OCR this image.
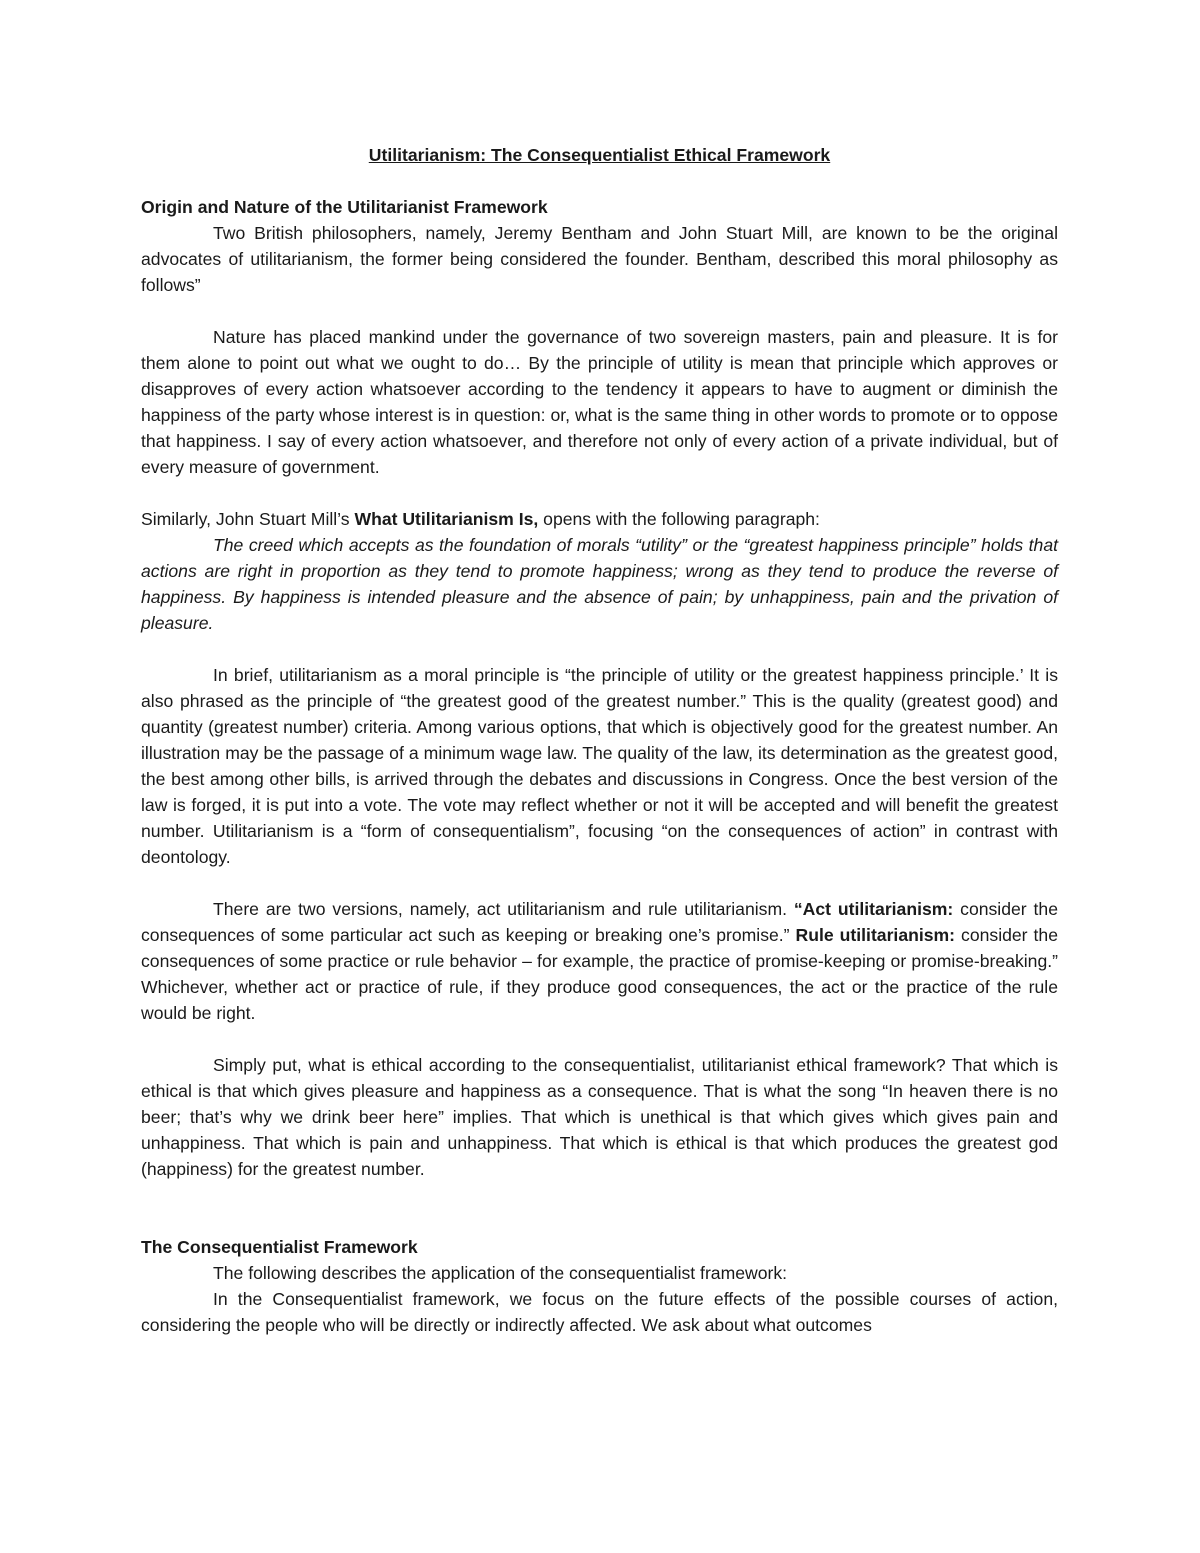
Utilitarianism: The Consequentialist Ethical Framework
Origin and Nature of the Utilitarianist Framework

Two British philosophers, namely, Jeremy Bentham and John Stuart Mill, are known to be the original advocates of utilitarianism, the former being considered the founder. Bentham, described this moral philosophy as follows”

Nature has placed mankind under the governance of two sovereign masters, pain and pleasure. It is for them alone to point out what we ought to do… By the principle of utility is mean that principle which approves or disapproves of every action whatsoever according to the tendency it appears to have to augment or diminish the happiness of the party whose interest is in question: or, what is the same thing in other words to promote or to oppose that happiness. I say of every action whatsoever, and therefore not only of every action of a private individual, but of every measure of government.

Similarly, John Stuart Mill’s What Utilitarianism Is, opens with the following paragraph:

The creed which accepts as the foundation of morals “utility” or the “greatest happiness principle” holds that actions are right in proportion as they tend to promote happiness; wrong as they tend to produce the reverse of happiness. By happiness is intended pleasure and the absence of pain; by unhappiness, pain and the privation of pleasure.

In brief, utilitarianism as a moral principle is “the principle of utility or the greatest happiness principle.’ It is also phrased as the principle of “the greatest good of the greatest number.” This is the quality (greatest good) and quantity (greatest number) criteria. Among various options, that which is objectively good for the greatest number. An illustration may be the passage of a minimum wage law. The quality of the law, its determination as the greatest good, the best among other bills, is arrived through the debates and discussions in Congress. Once the best version of the law is forged, it is put into a vote. The vote may reflect whether or not it will be accepted and will benefit the greatest number. Utilitarianism is a “form of consequentialism”, focusing “on the consequences of action” in contrast with deontology.

There are two versions, namely, act utilitarianism and rule utilitarianism. “Act utilitarianism: consider the consequences of some particular act such as keeping or breaking one’s promise.” Rule utilitarianism: consider the consequences of some practice or rule behavior – for example, the practice of promise-keeping or promise-breaking.” Whichever, whether act or practice of rule, if they produce good consequences, the act or the practice of the rule would be right.

Simply put, what is ethical according to the consequentialist, utilitarianist ethical framework? That which is ethical is that which gives pleasure and happiness as a consequence. That is what the song “In heaven there is no beer; that’s why we drink beer here” implies. That which is unethical is that which gives which gives pain and unhappiness. That which is pain and unhappiness. That which is ethical is that which produces the greatest god (happiness) for the greatest number.

The Consequentialist Framework

The following describes the application of the consequentialist framework:

In the Consequentialist framework, we focus on the future effects of the possible courses of action, considering the people who will be directly or indirectly affected. We ask about what outcomes
